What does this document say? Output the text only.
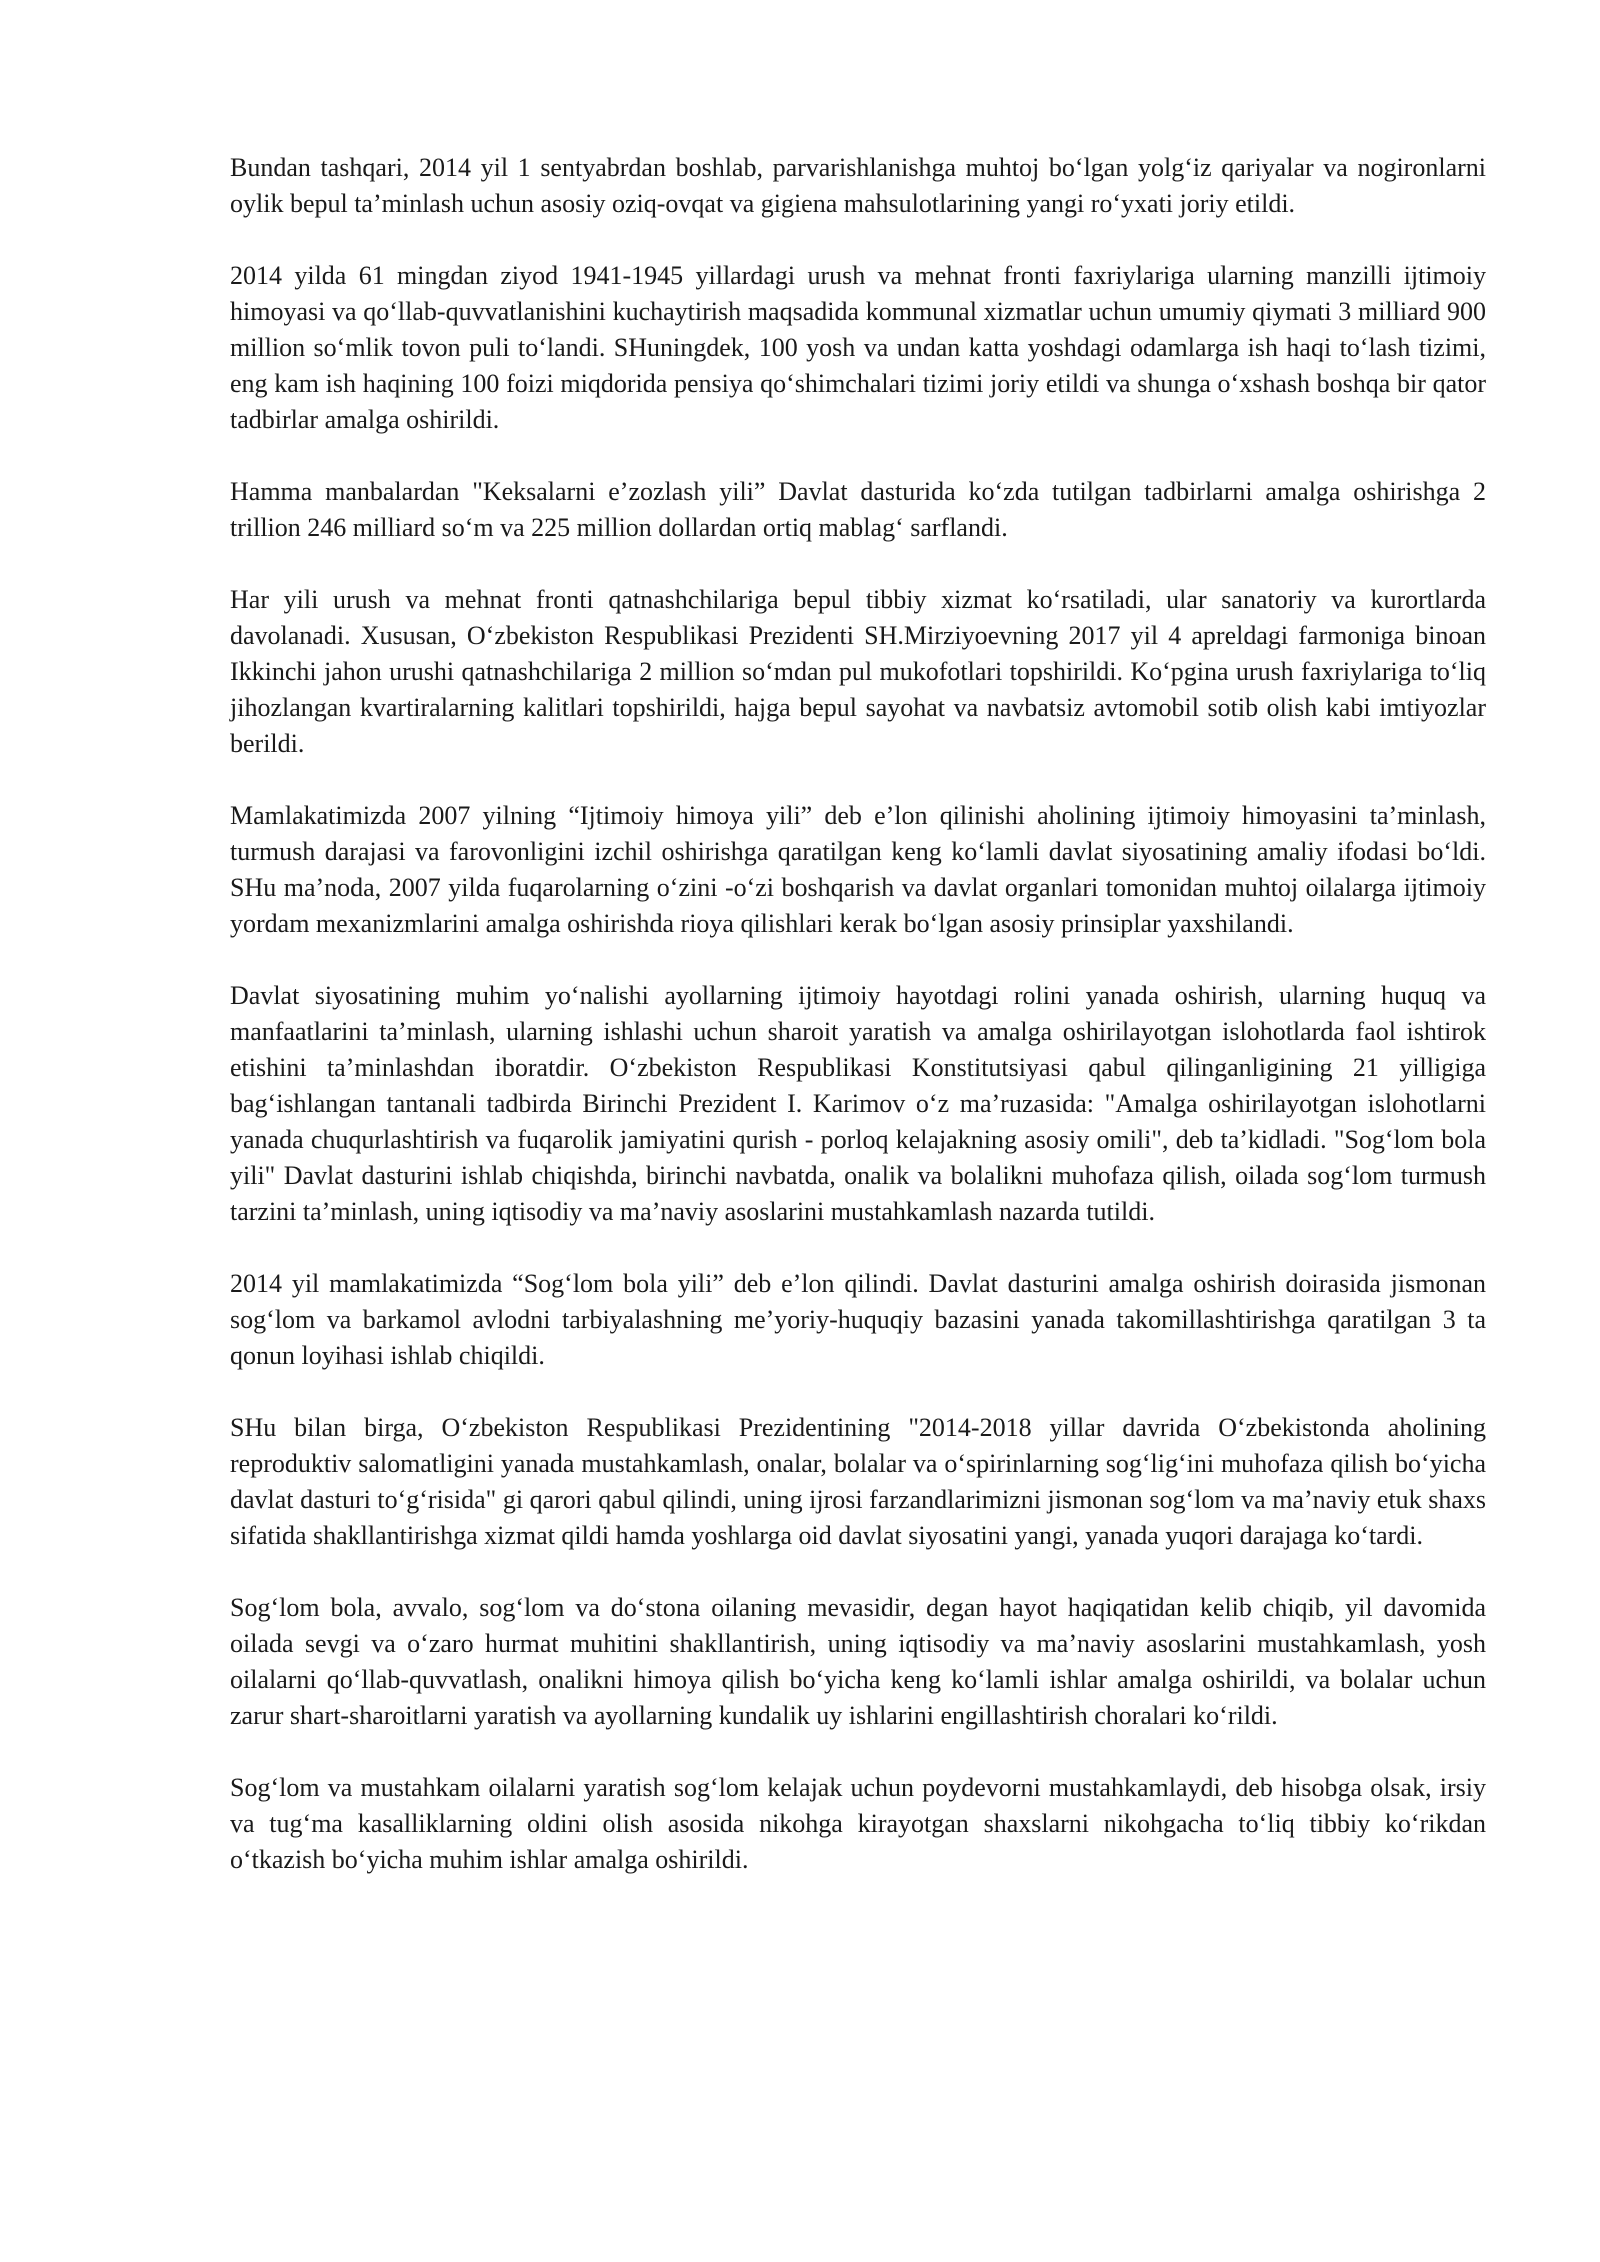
Bundan tashqari, 2014 yil 1 sentyabrdan boshlab, parvarishlanishga muhtoj bo‘lgan yolg‘iz qariyalar va nogironlarni oylik bepul ta’minlash uchun asosiy oziq-ovqat va gigiena mahsulotlarining yangi ro‘yxati joriy etildi.

2014 yilda 61 mingdan ziyod 1941-1945 yillardagi urush va mehnat fronti faxriylariga ularning manzilli ijtimoiy himoyasi va qo‘llab-quvvatlanishini kuchaytirish maqsadida kommunal xizmatlar uchun umumiy qiymati 3 milliard 900 million so‘mlik tovon puli to‘landi. SHuningdek, 100 yosh va undan katta yoshdagi odamlarga ish haqi to‘lash tizimi, eng kam ish haqining 100 foizi miqdorida pensiya qo‘shimchalari tizimi joriy etildi va shunga o‘xshash boshqa bir qator tadbirlar amalga oshirildi.

Hamma manbalardan "Keksalarni e’zozlash yili” Davlat dasturida ko‘zda tutilgan tadbirlarni amalga oshirishga 2 trillion 246 milliard so‘m va 225 million dollardan ortiq mablag‘ sarflandi.

Har yili urush va mehnat fronti qatnashchilariga bepul tibbiy xizmat ko‘rsatiladi, ular sanatoriy va kurortlarda davolanadi. Xususan, O‘zbekiston Respublikasi Prezidenti SH.Mirziyoevning 2017 yil 4 apreldagi farmoniga binoan Ikkinchi jahon urushi qatnashchilariga 2 million so‘mdan pul mukofotlari topshirildi. Ko‘pgina urush faxriylariga to‘liq jihozlangan kvartiralarning kalitlari topshirildi, hajga bepul sayohat va navbatsiz avtomobil sotib olish kabi imtiyozlar berildi.

Mamlakatimizda 2007 yilning “Ijtimoiy himoya yili” deb e’lon qilinishi aholining ijtimoiy himoyasini ta’minlash, turmush darajasi va farovonligini izchil oshirishga qaratilgan keng ko‘lamli davlat siyosatining amaliy ifodasi bo‘ldi. SHu ma’noda, 2007 yilda fuqarolarning o‘zini -o‘zi boshqarish va davlat organlari tomonidan muhtoj oilalarga ijtimoiy yordam mexanizmlarini amalga oshirishda rioya qilishlari kerak bo‘lgan asosiy prinsiplar yaxshilandi.

Davlat siyosatining muhim yo‘nalishi ayollarning ijtimoiy hayotdagi rolini yanada oshirish, ularning huquq va manfaatlarini ta’minlash, ularning ishlashi uchun sharoit yaratish va amalga oshirilayotgan islohotlarda faol ishtirok etishini ta’minlashdan iboratdir. O‘zbekiston Respublikasi Konstitutsiyasi qabul qilinganligining 21 yilligiga bag‘ishlangan tantanali tadbirda Birinchi Prezident I. Karimov o‘z ma’ruzasida: "Amalga oshirilayotgan islohotlarni yanada chuqurlashtirish va fuqarolik jamiyatini qurish - porloq kelajakning asosiy omili", deb ta’kidladi. "Sog‘lom bola yili" Davlat dasturini ishlab chiqishda, birinchi navbatda, onalik va bolalikni muhofaza qilish, oilada sog‘lom turmush tarzini ta’minlash, uning iqtisodiy va ma’naviy asoslarini mustahkamlash nazarda tutildi.

2014 yil mamlakatimizda “Sog‘lom bola yili” deb e’lon qilindi. Davlat dasturini amalga oshirish doirasida jismonan sog‘lom va barkamol avlodni tarbiyalashning me’yoriy-huquqiy bazasini yanada takomillashtirishga qaratilgan 3 ta qonun loyihasi ishlab chiqildi.

SHu bilan birga, O‘zbekiston Respublikasi Prezidentining "2014-2018 yillar davrida O‘zbekistonda aholining reproduktiv salomatligini yanada mustahkamlash, onalar, bolalar va o‘spirinlarning sog‘lig‘ini muhofaza qilish bo‘yicha davlat dasturi to‘g‘risida" gi qarori qabul qilindi, uning ijrosi farzandlarimizni jismonan sog‘lom va ma’naviy etuk shaxs sifatida shakllantirishga xizmat qildi hamda yoshlarga oid davlat siyosatini yangi, yanada yuqori darajaga ko‘tardi.

Sog‘lom bola, avvalo, sog‘lom va do‘stona oilaning mevasidir, degan hayot haqiqatidan kelib chiqib, yil davomida oilada sevgi va o‘zaro hurmat muhitini shakllantirish, uning iqtisodiy va ma’naviy asoslarini mustahkamlash, yosh oilalarni qo‘llab-quvvatlash, onalikni himoya qilish bo‘yicha keng ko‘lamli ishlar amalga oshirildi, va bolalar uchun zarur shart-sharoitlarni yaratish va ayollarning kundalik uy ishlarini engillashtirish choralari ko‘rildi.

Sog‘lom va mustahkam oilalarni yaratish sog‘lom kelajak uchun poydevorni mustahkamlaydi, deb hisobga olsak, irsiy va tug‘ma kasalliklarning oldini olish asosida nikohga kirayotgan shaxslarni nikohgacha to‘liq tibbiy ko‘rikdan o‘tkazish bo‘yicha muhim ishlar amalga oshirildi.
